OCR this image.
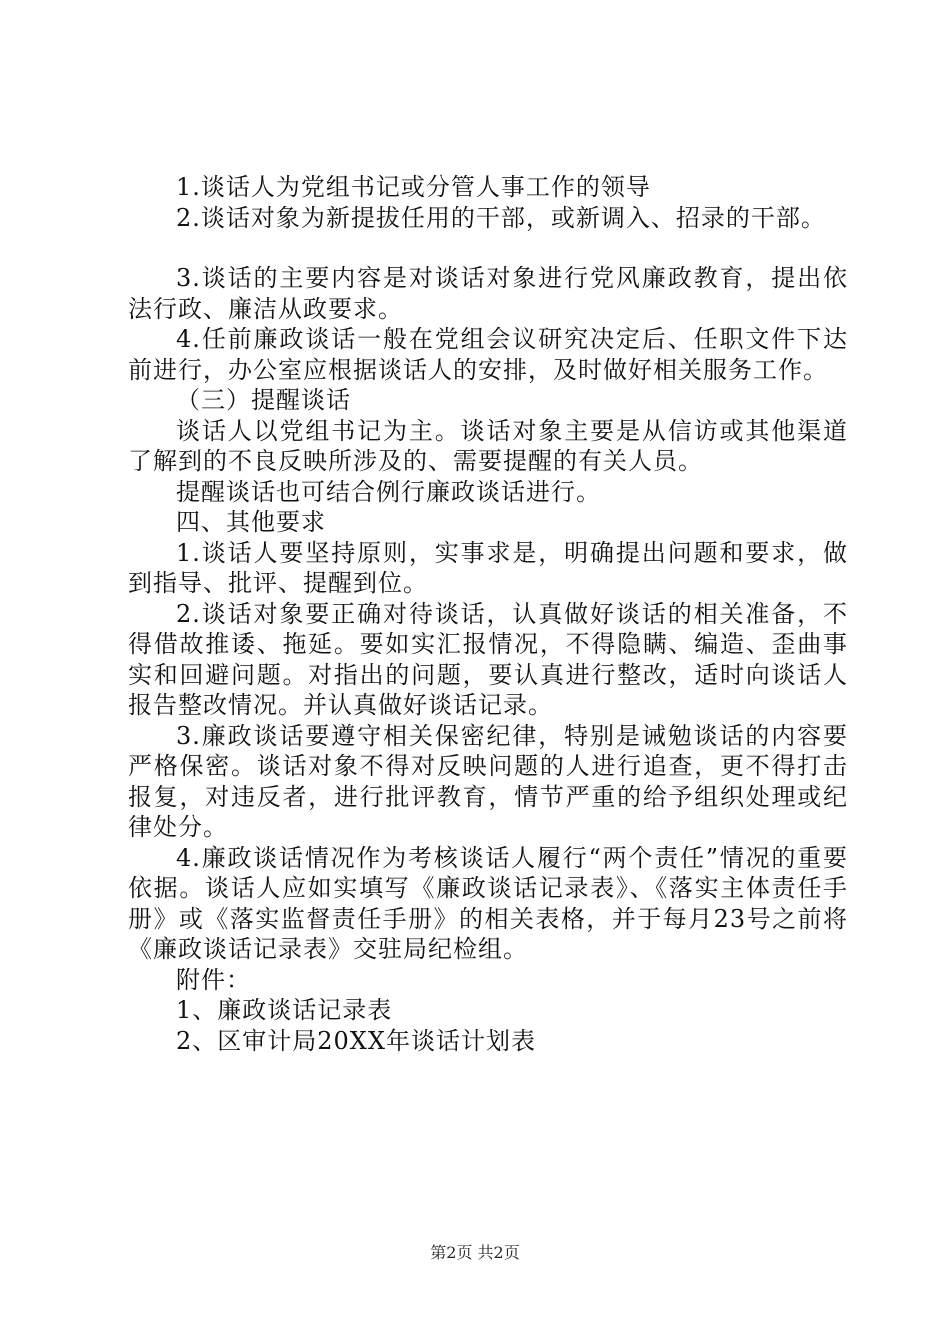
1.谈话人为党组书记或分管人事工作的领导

2.谈话对象为新提拔任用的干部，或新调入、招录的干部。

3.谈话的主要内容是对谈话对象进行党风廉政教育，提出依法行政、廉洁从政要求。

4.任前廉政谈话一般在党组会议研究决定后、任职文件下达前进行，办公室应根据谈话人的安排，及时做好相关服务工作。

（三）提醒谈话

谈话人以党组书记为主。谈话对象主要是从信访或其他渠道了解到的不良反映所涉及的、需要提醒的有关人员。

提醒谈话也可结合例行廉政谈话进行。

四、其他要求

1.谈话人要坚持原则，实事求是，明确提出问题和要求，做到指导、批评、提醒到位。

2.谈话对象要正确对待谈话，认真做好谈话的相关准备，不得借故推诿、拖延。要如实汇报情况，不得隐瞒、编造、歪曲事实和回避问题。对指出的问题，要认真进行整改，适时向谈话人报告整改情况。并认真做好谈话记录。

3.廉政谈话要遵守相关保密纪律，特别是诫勉谈话的内容要严格保密。谈话对象不得对反映问题的人进行追查，更不得打击报复，对违反者，进行批评教育，情节严重的给予组织处理或纪律处分。

4.廉政谈话情况作为考核谈话人履行“两个责任”情况的重要依据。谈话人应如实填写《廉政谈话记录表》、《落实主体责任手册》或《落实监督责任手册》的相关表格，并于每月23号之前将《廉政谈话记录表》交驻局纪检组。

附件：

1、廉政谈话记录表

2、区审计局20XX年谈话计划表

第2页 共2页
